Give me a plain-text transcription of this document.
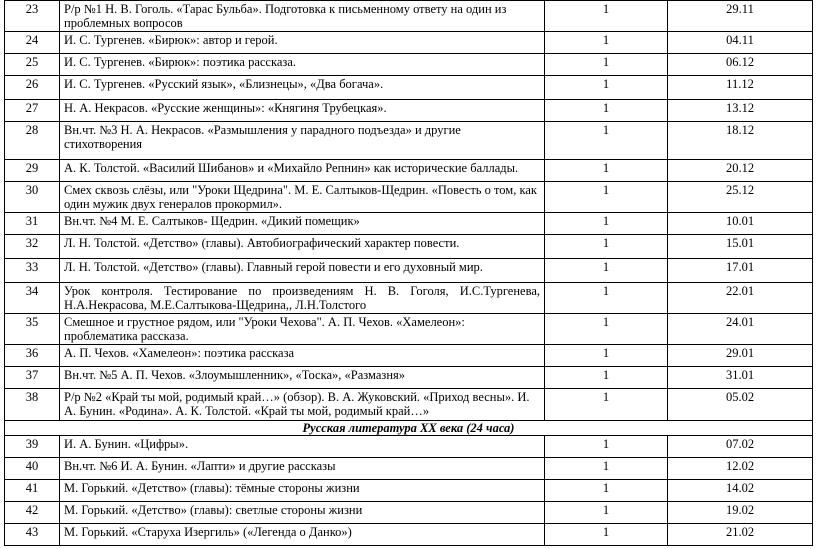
23	Р/р №1 Н. В. Гоголь. «Тарас Бульба». Подготовка к письменному ответу на один из проблемных вопросов	1	29.11
24	И. С. Тургенев. «Бирюк»: автор и герой.	1	04.11
25	И. С. Тургенев. «Бирюк»: поэтика рассказа.	1	06.12
26	И. С. Тургенев. «Русский язык», «Близнецы», «Два богача».	1	11.12
27	Н. А. Некрасов. «Русские женщины»: «Княгиня Трубецкая».	1	13.12
28	Вн.чт. №3 Н. А. Некрасов. «Размышления у парадного подъезда» и другие стихотворения	1	18.12
29	А. К. Толстой. «Василий Шибанов» и «Михайло Репнин» как исторические баллады.	1	20.12
30	Смех сквозь слёзы, или "Уроки Щедрина". М. Е. Салтыков-Щедрин. «Повесть о том, как один мужик двух генералов прокормил».	1	25.12
31	Вн.чт. №4 М. Е. Салтыков- Щедрин. «Дикий помещик»	1	10.01
32	Л. Н. Толстой. «Детство» (главы). Автобиографический характер повести.	1	15.01
33	Л. Н. Толстой. «Детство» (главы). Главный герой повести и его духовный мир.	1	17.01
34	Урок контроля. Тестирование по произведениям Н. В. Гоголя, И.С.Тургенева, Н.А.Некрасова, М.Е.Салтыкова-Щедрина,, Л.Н.Толстого	1	22.01
35	Смешное и грустное рядом, или "Уроки Чехова". А. П. Чехов. «Хамелеон»: проблематика рассказа.	1	24.01
36	А. П. Чехов. «Хамелеон»: поэтика рассказа	1	29.01
37	Вн.чт. №5 А. П. Чехов. «Злоумышленник», «Тоска», «Размазня»	1	31.01
38	Р/р №2 «Край ты мой, родимый край…» (обзор). В. А. Жуковский. «Приход весны». И. А. Бунин. «Родина». А. К. Толстой. «Край ты мой, родимый край…»	1	05.02
Русская литература XX века (24 часа)			
39	И. А. Бунин. «Цифры».	1	07.02
40	Вн.чт. №6 И. А. Бунин. «Лапти» и другие рассказы	1	12.02
41	М. Горький. «Детство» (главы): тёмные стороны жизни	1	14.02
42	М. Горький. «Детство» (главы): светлые стороны жизни	1	19.02
43	М. Горький. «Старуха Изергиль» («Легенда о Данко»)	1	21.02
